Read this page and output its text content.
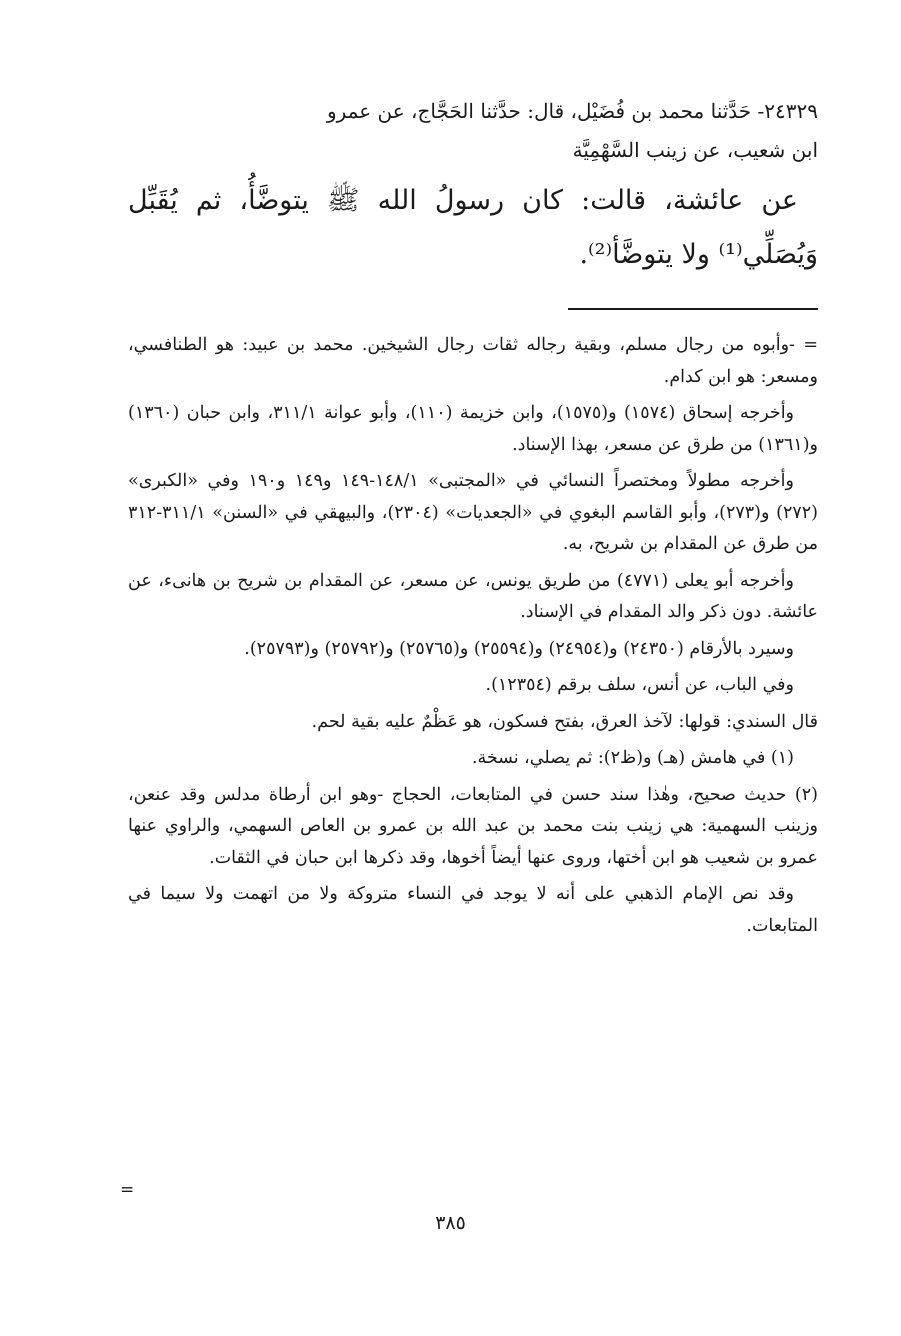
٢٤٣٢٩- حَدَّثنا محمد بن فُضَيْل، قال: حدَّثنا الحَجَّاج، عن عمرو
ابن شعيب، عن زينب السَّهْمِيَّة

عن عائشة، قالت: كان رسولُ الله ﷺ يتوضَّأُ، ثم يُقَبِّل وَيُصَلِّي⁽¹⁾ ولا يتوضَّأ⁽²⁾.

= -وأبوه من رجال مسلم، وبقية رجاله ثقات رجال الشيخين. محمد بن عبيد: هو الطنافسي، ومسعر: هو ابن كدام.

وأخرجه إسحاق (١٥٧٤) و(١٥٧٥)، وابن خزيمة (١١٠)، وأبو عوانة ٣١١/١، وابن حبان (١٣٦٠) و(١٣٦١) من طرق عن مسعر، بهذا الإسناد.

وأخرجه مطولاً ومختصراً النسائي في «المجتبى» ١٤٨/١-١٤٩ و١٤٩ و١٩٠ وفي «الكبرى» (٢٧٢) و(٢٧٣)، وأبو القاسم البغوي في «الجعديات» (٢٣٠٤)، والبيهقي في «السنن» ٣١١/١-٣١٢ من طرق عن المقدام بن شريح، به.

وأخرجه أبو يعلى (٤٧٧١) من طريق يونس، عن مسعر، عن المقدام بن شريح بن هانىء، عن عائشة. دون ذكر والد المقدام في الإسناد.

وسيرد بالأرقام (٢٤٣٥٠) و(٢٤٩٥٤) و(٢٥٥٩٤) و(٢٥٧٦٥) و(٢٥٧٩٢) و(٢٥٧٩٣).

وفي الباب، عن أنس، سلف برقم (١٢٣٥٤).

قال السندي: قولها: لآخذ العرق، بفتح فسكون، هو عَظْمٌ عليه بقية لحم.

(١) في هامش (هـ) و(ظ٢): ثم يصلي، نسخة.

(٢) حديث صحيح، وهٰذا سند حسن في المتابعات، الحجاج -وهو ابن أرطاة مدلس وقد عنعن، وزينب السهمية: هي زينب بنت محمد بن عبد الله بن عمرو بن العاص السهمي، والراوي عنها عمرو بن شعيب هو ابن أختها، وروى عنها أيضاً أخوها، وقد ذكرها ابن حبان في الثقات.

وقد نص الإمام الذهبي على أنه لا يوجد في النساء متروكة ولا من اتهمت ولا سيما في المتابعات.

=
٣٨٥
